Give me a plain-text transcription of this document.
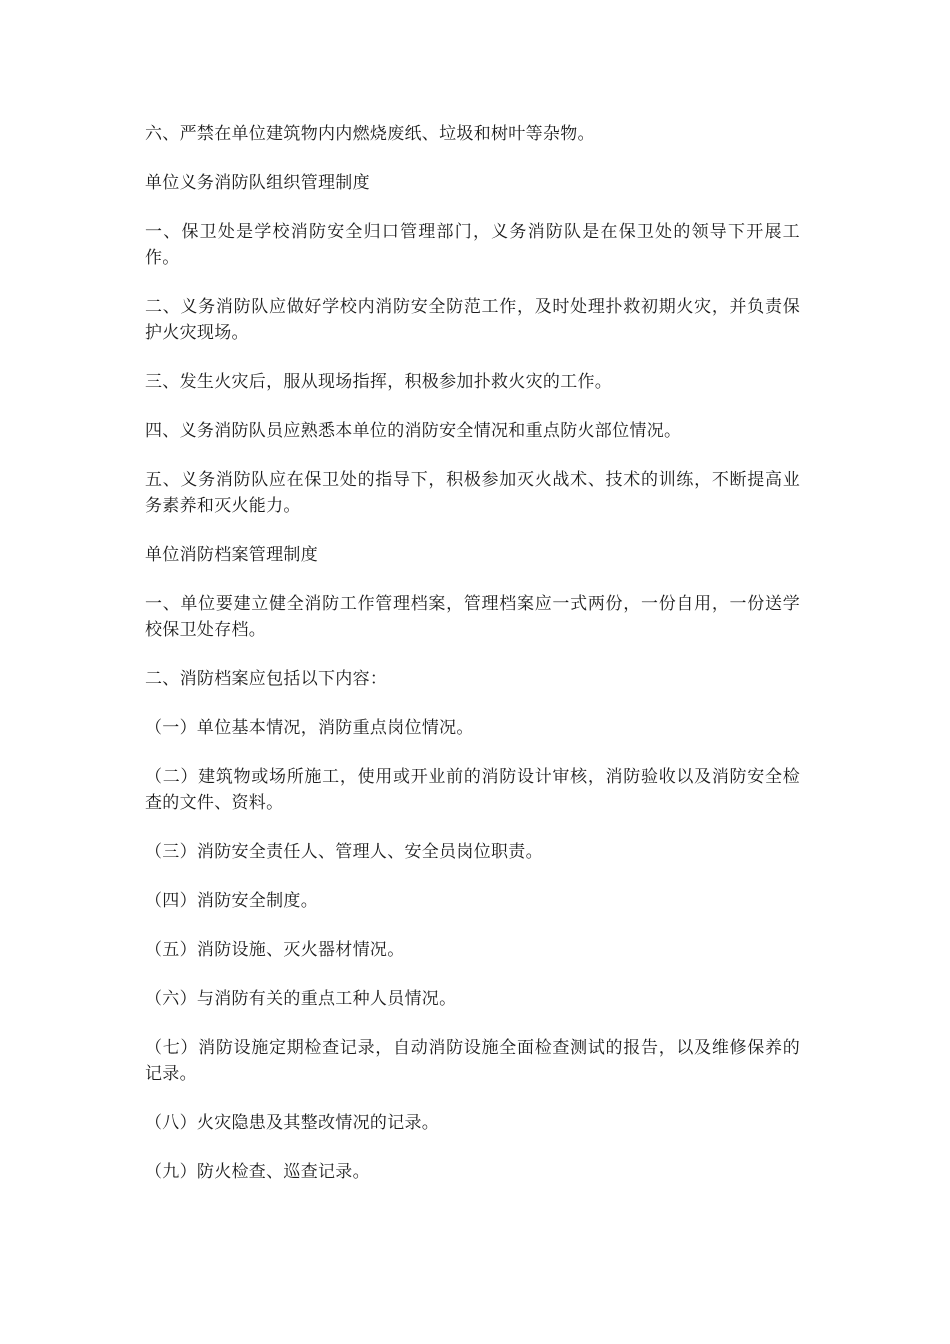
六、严禁在单位建筑物内内燃烧废纸、垃圾和树叶等杂物。

单位义务消防队组织管理制度

一、保卫处是学校消防安全归口管理部门，义务消防队是在保卫处的领导下开展工作。

二、义务消防队应做好学校内消防安全防范工作，及时处理扑救初期火灾，并负责保护火灾现场。

三、发生火灾后，服从现场指挥，积极参加扑救火灾的工作。

四、义务消防队员应熟悉本单位的消防安全情况和重点防火部位情况。

五、义务消防队应在保卫处的指导下，积极参加灭火战术、技术的训练，不断提高业务素养和灭火能力。

单位消防档案管理制度

一、单位要建立健全消防工作管理档案，管理档案应一式两份，一份自用，一份送学校保卫处存档。

二、消防档案应包括以下内容：

（一）单位基本情况，消防重点岗位情况。

（二）建筑物或场所施工，使用或开业前的消防设计审核，消防验收以及消防安全检查的文件、资料。

（三）消防安全责任人、管理人、安全员岗位职责。

（四）消防安全制度。

（五）消防设施、灭火器材情况。

（六）与消防有关的重点工种人员情况。

（七）消防设施定期检查记录，自动消防设施全面检查测试的报告，以及维修保养的记录。

（八）火灾隐患及其整改情况的记录。

（九）防火检查、巡查记录。
